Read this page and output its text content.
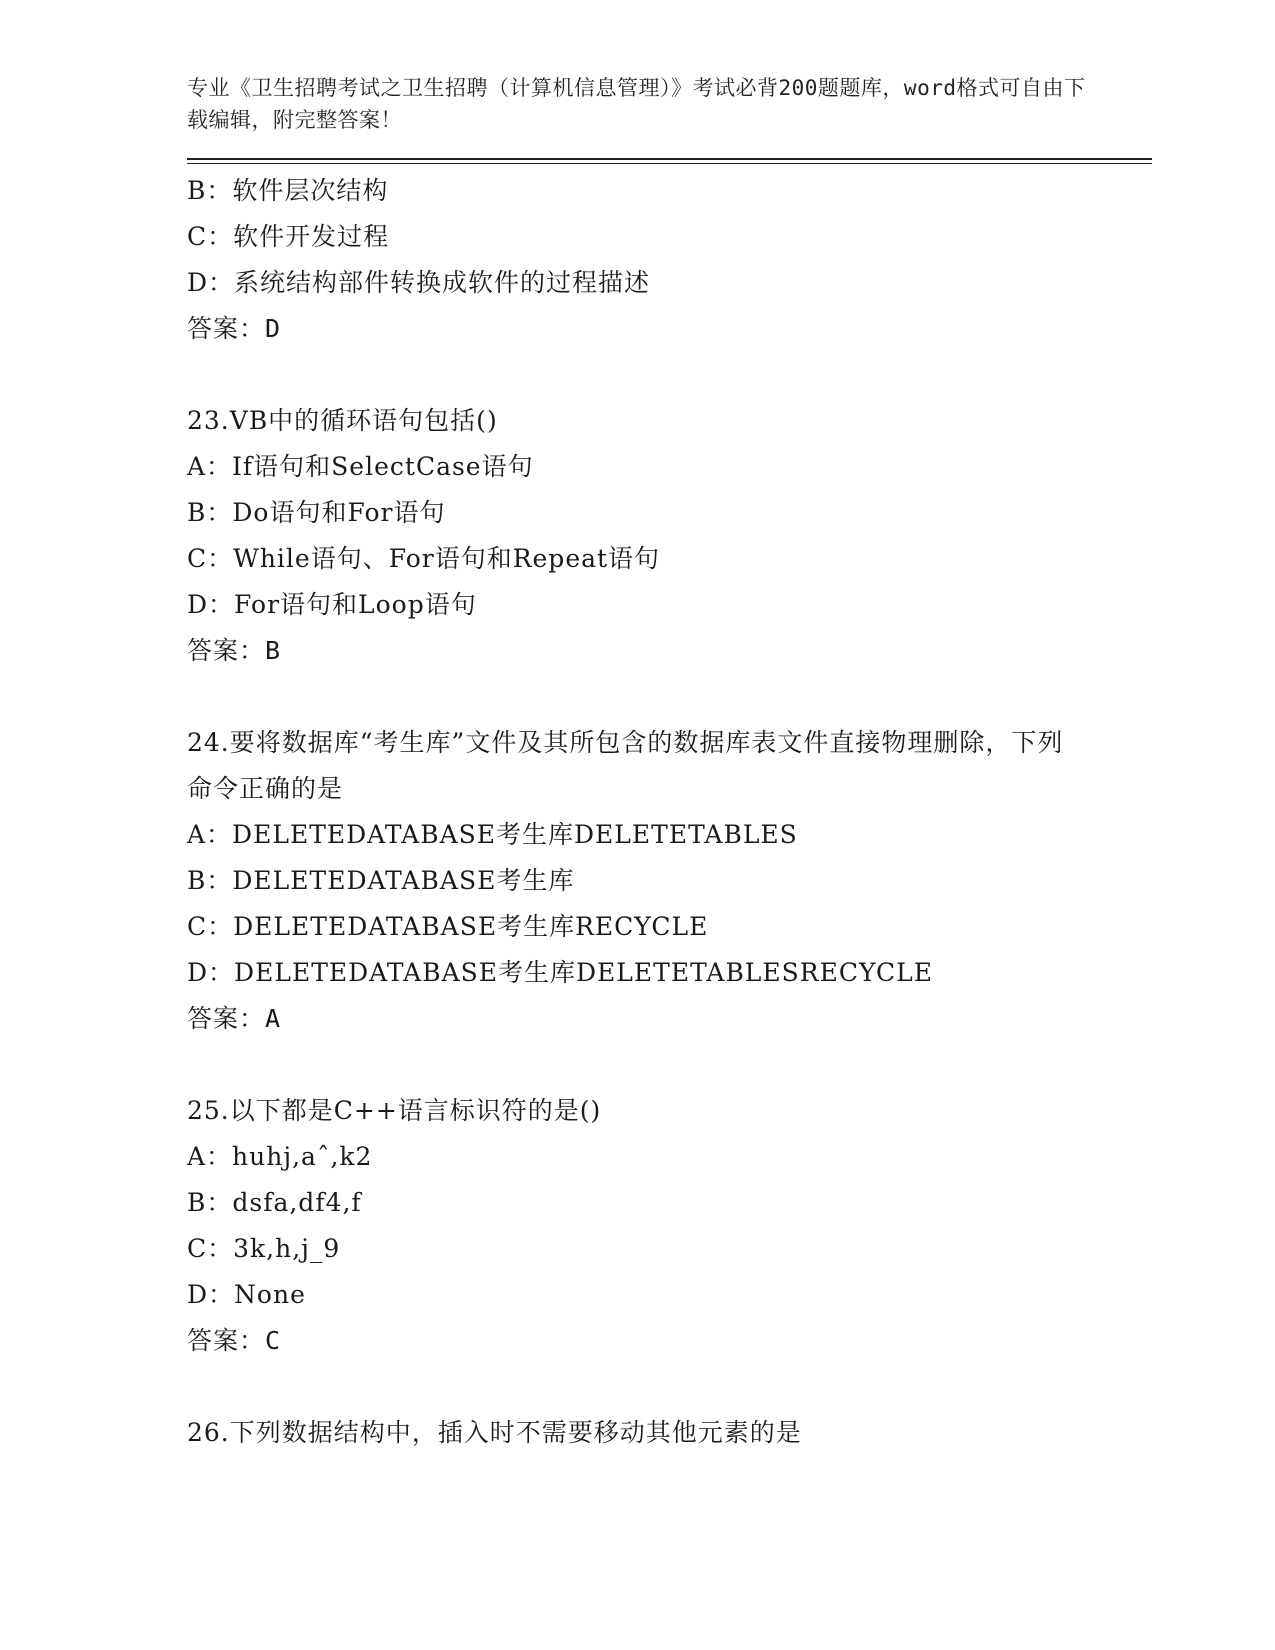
专业《卫生招聘考试之卫生招聘（计算机信息管理）》考试必背200题题库，word格式可自由下载编辑，附完整答案！
B：软件层次结构
C：软件开发过程
D：系统结构部件转换成软件的过程描述
答案：D
23.VB中的循环语句包括()
A：If语句和SelectCase语句
B：Do语句和For语句
C：While语句、For语句和Repeat语句
D：For语句和Loop语句
答案：B
24.要将数据库“考生库”文件及其所包含的数据库表文件直接物理删除，下列命令正确的是
A：DELETEDATABASE考生库DELETETABLES
B：DELETEDATABASE考生库
C：DELETEDATABASE考生库RECYCLE
D：DELETEDATABASE考生库DELETETABLESRECYCLE
答案：A
25.以下都是C++语言标识符的是()
A：huhj,aˆ,k2
B：dsfa,df4,f
C：3k,h,j_9
D：None
答案：C
26.下列数据结构中，插入时不需要移动其他元素的是
